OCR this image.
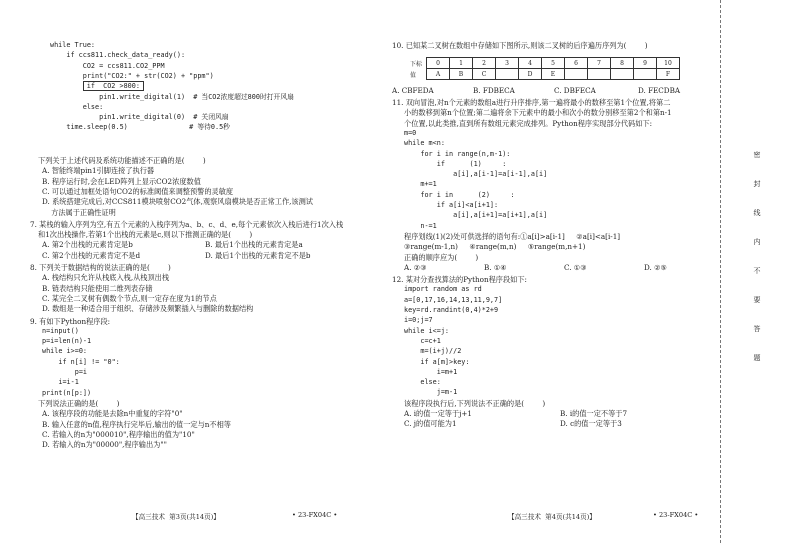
【高三技术  第3页(共14页)】	• 23-FX04C •
while True:
if ccs811.check_data_ready():
CO2 = ccs811.CO2_PPM
print("CO2:" + str(CO2) + "ppm")
if  CO2 >800:
pin1.write_digital(1)  # 当CO2浓度超过800时打开风扇
else:
pin1.write_digital(0)  # 关闭风扇
time.sleep(0.5)               # 等待0.5秒
下列关于上述代码及系统功能描述不正确的是(        )
A. 智能终端pin1引脚连接了执行器
B. 程序运行时,会在LED阵列上显示CO2浓度数值
C. 可以通过加框处语句CO2的标准阈值来调整预警的灵敏度
D. 系统搭建完成后,对CCS811模块喷射CO2气体,观察风扇模块是否正常工作,该测试
方法属于正确性证明
7. 某栈的输入序列为空,有五个元素的入栈序列为a、b、c、d、e,每个元素依次入栈后进行1次入栈
和1次出栈操作,若第1个出栈的元素是c,则以下推测正确的是(        )
A. 第2个出栈的元素肯定是b	B. 最后1个出栈的元素肯定是a
C. 第2个出栈的元素肯定不是d	D. 最后1个出栈的元素肯定不是b
8. 下列关于数据结构的说法正确的是(        )
A. 栈结构只允许从栈底入栈,从栈顶出栈
B. 链表结构只能使用二维列表存储
C. 某完全二叉树有偶数个节点,则一定存在度为1的节点
D. 数组是一种适合用于组织、存储涉及频繁插入与删除的数据结构
9. 有如下Python程序段:
n=input()
p=i=len(n)-1
while i>=0:
if n[i] != "0":
p=i
i=i-1
print(n[p:])
下列说法正确的是(        )
A. 该程序段的功能是去除n中重复的字符"0"
B. 输入任意的n值,程序执行完毕后,输出的值一定与n不相等
C. 若输入的n为"000010",程序输出的值为"10"
D. 若输入的n为"00000",程序输出为""
10. 已知某二叉树在数组中存储如下图所示,则该二叉树的后序遍历序列为(        )
A. CBFEDA	B. FDBECA	C. DBFECA	D. FECDBA
【高三技术  第4页(共14页)】	• 23-FX04C •
11. 双向冒泡,对n个元素的数组a进行升序排序,第一遍将最小的数移至第1个位置,将第二
小的数移到第n个位置;第二遍将余下元素中的最小和次小的数分别移至第2个和第n-1
个位置,以此类推,直到所有数组元素完成排列。Python程序实现部分代码如下:
m=0
while m<n:
for i in range(n,m-1):
if      (1)     :
a[i],a[i-1]=a[i-1],a[i]
m+=1
for i in      (2)     :
if a[i]<a[i+1]:
a[i],a[i+1]=a[i+1],a[i]
n-=1
程序划线(1)(2)处可供选择的语句有:①a[i]>a[i-1]     ②a[i]<a[i-1]
③range(m-1,n)     ④range(m,n)     ⑤range(m,n+1)
正确的顺序应为(        )
A. ②③	B. ①④	C. ①③	D. ②⑤
12. 某对分查找算法的Python程序段如下:
import random as rd
a=[0,17,16,14,13,11,9,7]
key=rd.randint(0,4)*2+9
i=0;j=7
while i<=j:
c=c+1
m=(i+j)//2
if a[m]>key:
i=m+1
else:
j=m-1
该程序段执行后,下列说法不正确的是(        )
A. i的值一定等于j+1	B. i的值一定不等于7
C. j的值可能为1	D. c的值一定等于3
下标	0	1	2	3	4	5	6	7	8	9	10
值	A	B	C		D	E					F
密
封
线
内
不
要
答
题
